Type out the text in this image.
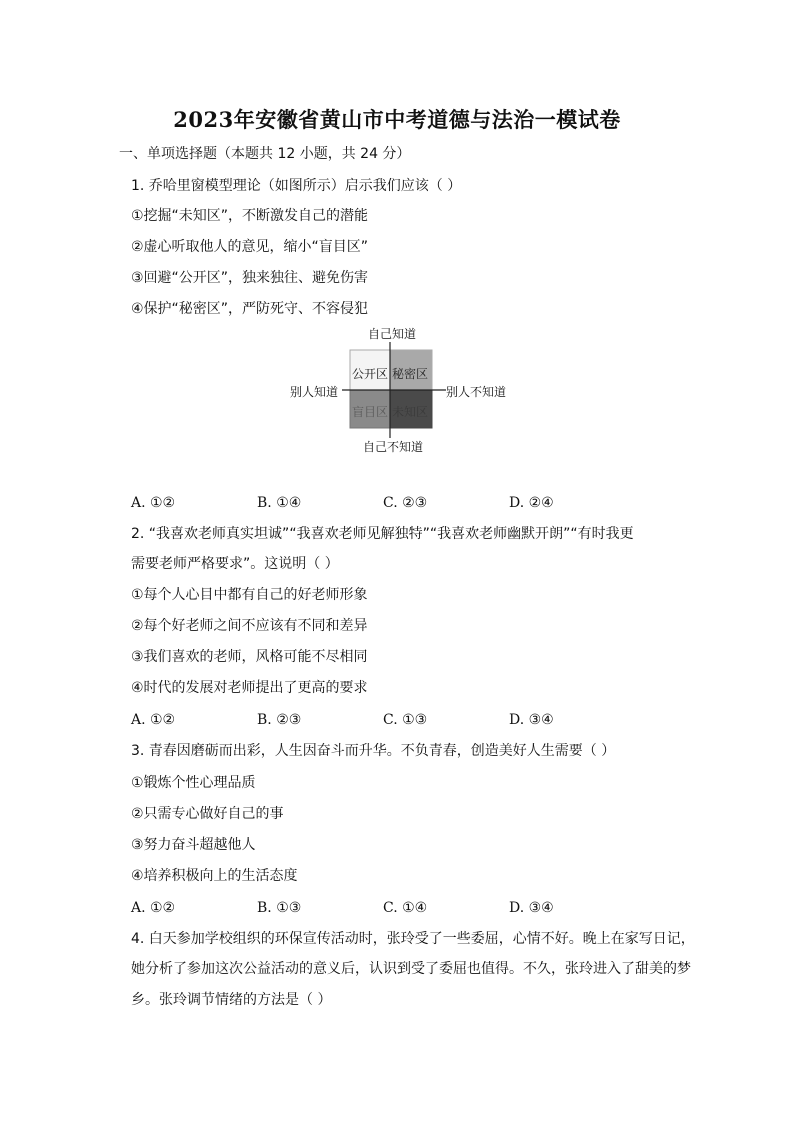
2023年安徽省黄山市中考道德与法治一模试卷
一、单项选择题（本题共 12 小题，共 24 分）
1. 乔哈里窗模型理论（如图所示）启示我们应该（ ）
①挖掘“未知区”，不断激发自己的潜能
②虚心听取他人的意见，缩小“盲目区”
③回避“公开区”，独来独往、避免伤害
④保护“秘密区”，严防死守、不容侵犯
自己知道
自己不知道
别人知道	别人不知道
公开区 秘密区
盲目区 未知区
A. ①②	B. ①④	C. ②③	D. ②④
2. “我喜欢老师真实坦诚”“我喜欢老师见解独特”“我喜欢老师幽默开朗”“有时我更
需要老师严格要求”。这说明（ ）
①每个人心目中都有自己的好老师形象
②每个好老师之间不应该有不同和差异
③我们喜欢的老师，风格可能不尽相同
④时代的发展对老师提出了更高的要求
A. ①②	B. ②③	C. ①③	D. ③④
3. 青春因磨砺而出彩，人生因奋斗而升华。不负青春，创造美好人生需要（ ）
①锻炼个性心理品质
②只需专心做好自己的事
③努力奋斗超越他人
④培养积极向上的生活态度
A. ①②	B. ①③	C. ①④	D. ③④
4. 白天参加学校组织的环保宣传活动时，张玲受了一些委屈，心情不好。晚上在家写日记，
她分析了参加这次公益活动的意义后，认识到受了委屈也值得。不久，张玲进入了甜美的梦
乡。张玲调节情绪的方法是（ ）
